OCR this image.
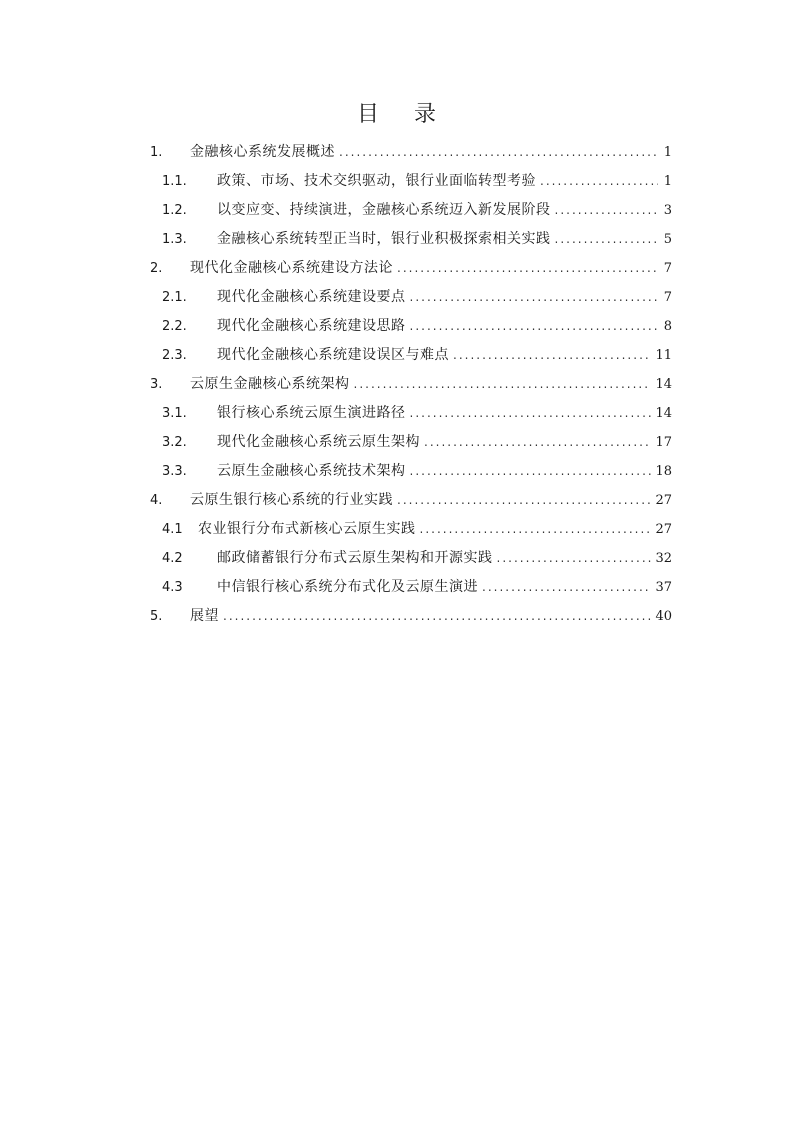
目 录
1.	金融核心系统发展概述 .....	1
1.1.	政策、市场、技术交织驱动，银行业面临转型考验 .....	1
1.2.	以变应变、持续演进，金融核心系统迈入新发展阶段 .....	3
1.3.	金融核心系统转型正当时，银行业积极探索相关实践 .....	5
2.	现代化金融核心系统建设方法论 .....	7
2.1.	现代化金融核心系统建设要点 .....	7
2.2.	现代化金融核心系统建设思路 .....	8
2.3.	现代化金融核心系统建设误区与难点 .....	11
3.	云原生金融核心系统架构 .....	14
3.1.	银行核心系统云原生演进路径 .....	14
3.2.	现代化金融核心系统云原生架构 .....	17
3.3.	云原生金融核心系统技术架构 .....	18
4.	云原生银行核心系统的行业实践 .....	27
4.1	农业银行分布式新核心云原生实践 .....	27
4.2	邮政储蓄银行分布式云原生架构和开源实践 .....	32
4.3	中信银行核心系统分布式化及云原生演进 .....	37
5.	展望 .....	40
